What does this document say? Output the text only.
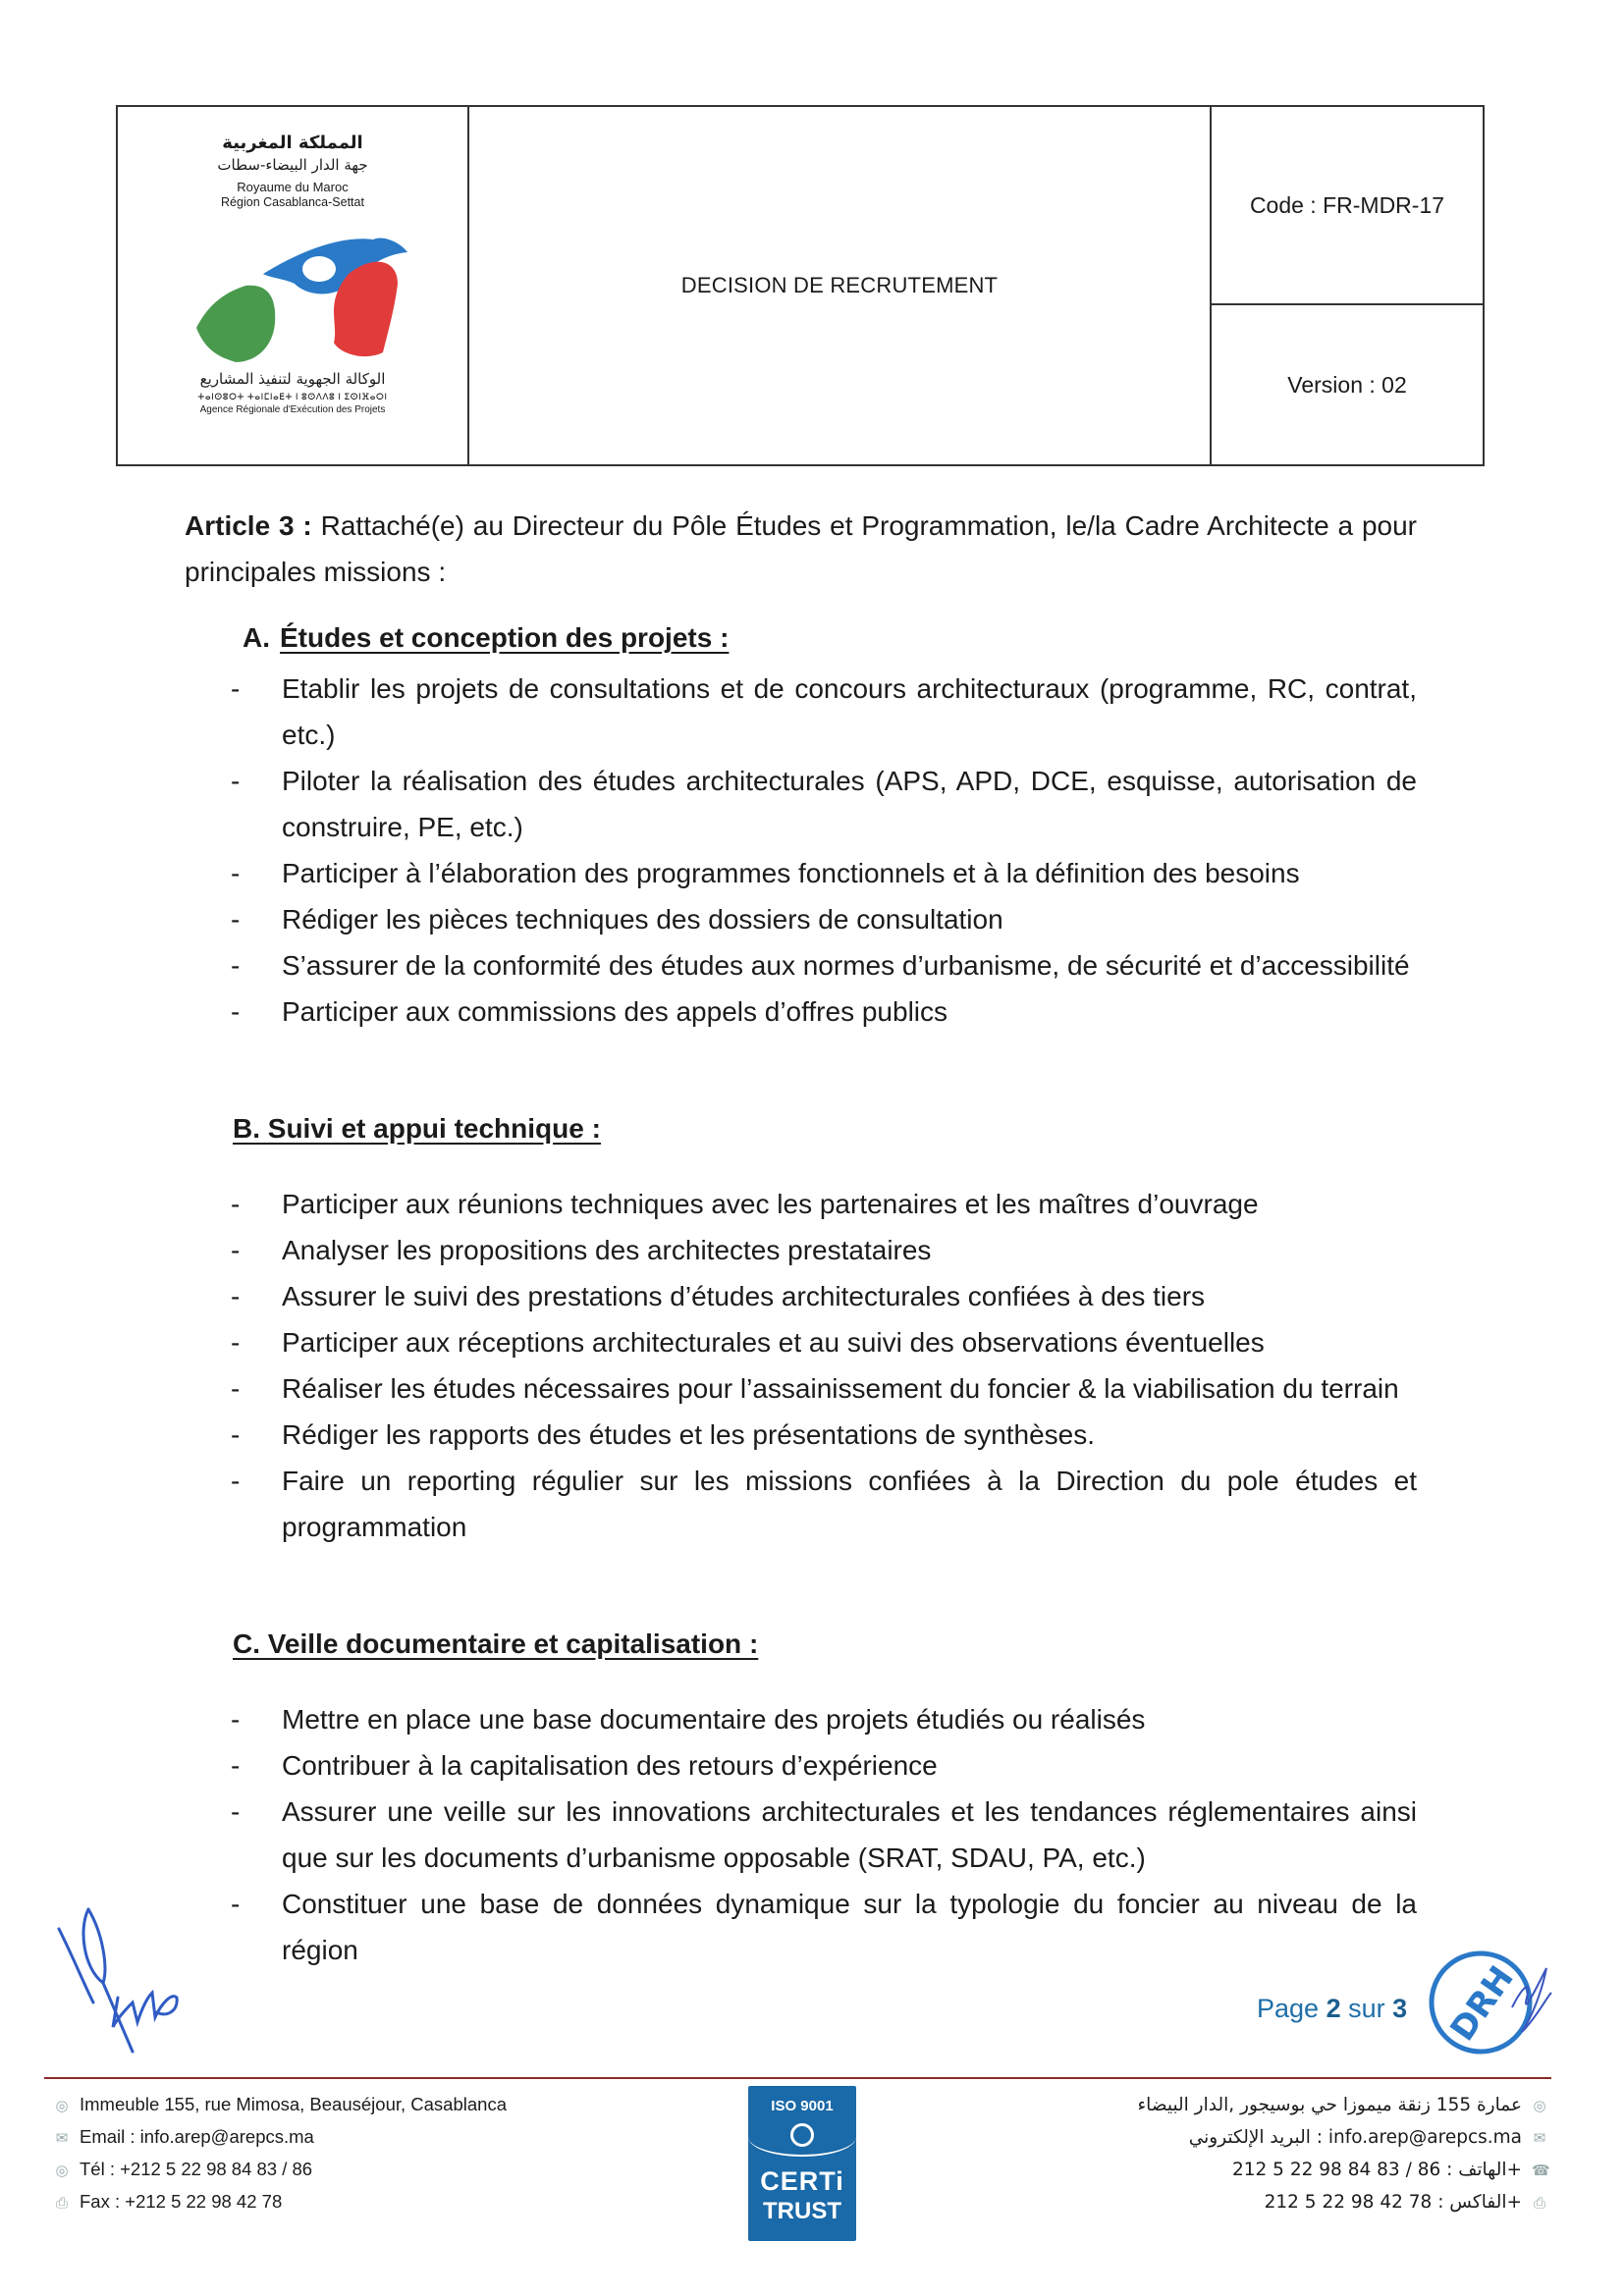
المملكة المغربية
جهة الدار البيضاء-سطات
Royaume du Maroc
Région Casablanca-Settat
الوكالة الجهوية لتنفيذ المشاريع
ⵜⴰⵏⵙⵓⵔⵜ ⵜⴰⵏⵎⵏⴰⴹⵜ ⵏ ⵓⵙⴷⴷⵓ ⵏ ⵉⵙⵏⴼⴰⵔⵏ
Agence Régionale d'Exécution des Projets
DECISION DE RECRUTEMENT
Code : FR-MDR-17
Version : 02
Article 3 : Rattaché(e) au Directeur du Pôle Études et Programmation, le/la Cadre Architecte a pour principales missions :
A. Études et conception des projets :
- Etablir les projets de consultations et de concours architecturaux (programme, RC, contrat, etc.)
- Piloter la réalisation des études architecturales (APS, APD, DCE, esquisse, autorisation de construire, PE, etc.)
- Participer à l’élaboration des programmes fonctionnels et à la définition des besoins
- Rédiger les pièces techniques des dossiers de consultation
- S’assurer de la conformité des études aux normes d’urbanisme, de sécurité et d’accessibilité
- Participer aux commissions des appels d’offres publics
B. Suivi et appui technique :
- Participer aux réunions techniques avec les partenaires et les maîtres d’ouvrage
- Analyser les propositions des architectes prestataires
- Assurer le suivi des prestations d’études architecturales confiées à des tiers
- Participer aux réceptions architecturales et au suivi des observations éventuelles
- Réaliser les études nécessaires pour l’assainissement du foncier & la viabilisation du terrain
- Rédiger les rapports des études et les présentations de synthèses.
- Faire un reporting régulier sur les missions confiées à la Direction du pole études et programmation
C. Veille documentaire et capitalisation :
- Mettre en place une base documentaire des projets étudiés ou réalisés
- Contribuer à la capitalisation des retours d’expérience
- Assurer une veille sur les innovations architecturales et les tendances réglementaires ainsi que sur les documents d’urbanisme opposable (SRAT, SDAU, PA, etc.)
- Constituer une base de données dynamique sur la typologie du foncier au niveau de la région
Page 2 sur 3 DRH
◎ Immeuble 155, rue Mimosa, Beauséjour, Casablanca
✉ Email : info.arep@arepcs.ma
◎ Tél : +212 5 22 98 84 83 / 86
⎙ Fax : +212 5 22 98 42 78
ISO 9001
CERTi
TRUST
عمارة 155 زنقة ميموزا حي بوسيجور ,الدار البيضاء ◎
البريد الإلكتروني : info.arep@arepcs.ma ✉
الهاتف : 86 / 83 84 98 22 5 212+ ☎
الفاكس : 78 42 98 22 5 212+ ⎙
